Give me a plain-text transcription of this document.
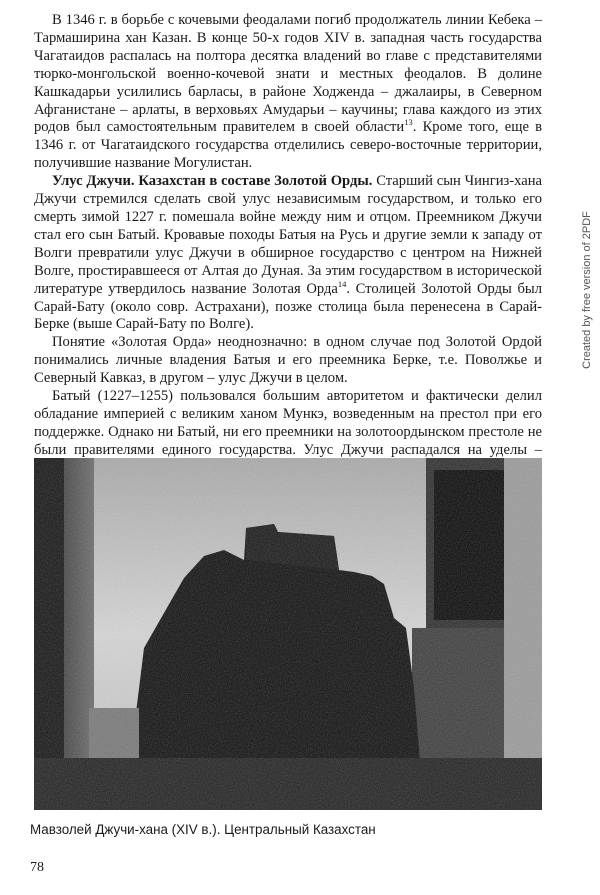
В 1346 г. в борьбе с кочевыми феодалами погиб продолжатель линии Кебека – Тармаширина хан Казан. В конце 50-х годов XIV в. западная часть государства Чагатаидов распалась на полтора десятка владений во главе с представителями тюрко-монгольской военно-кочевой знати и местных феодалов. В долине Кашкадарьи усилились барласы, в районе Ходженда – джалаиры, в Северном Афганистане – арлаты, в верховьях Амударьи – каучины; глава каждого из этих родов был самостоятельным правителем в своей области$^{13}$. Кроме того, еще в 1346 г. от Чагатаидского государства отделились северо-восточные территории, получившие название Могулистан.

Улус Джучи. Казахстан в составе Золотой Орды. Старший сын Чингиз-хана Джучи стремился сделать свой улус независимым государством, и только его смерть зимой 1227 г. помешала войне между ним и отцом. Преемником Джучи стал его сын Батый. Кровавые походы Батыя на Русь и другие земли к западу от Волги превратили улус Джучи в обширное государство с центром на Нижней Волге, простиравшееся от Алтая до Дуная. За этим государством в исторической литературе утвердилось название Золотая Орда$^{14}$. Столицей Золотой Орды был Сарай-Бату (около совр. Астрахани), позже столица была перенесена в Сарай-Берке (выше Сарай-Бату по Волге).

Понятие «Золотая Орда» неоднозначно: в одном случае под Золотой Ордой понимались личные владения Батыя и его преемника Берке, т.е. Поволжье и Северный Кавказ, в другом – улус Джучи в целом.

Батый (1227–1255) пользовался большим авторитетом и фактически делил обладание империей с великим ханом Мункэ, возведенным на престол при его поддержке. Однако ни Батый, ни его преемники на золотоордынском престоле не были правителями единого государства. Улус Джучи распадался на уделы –

Created by free version of 2PDF
Мавзолей Джучи-хана (XIV в.). Центральный Казахстан
78
